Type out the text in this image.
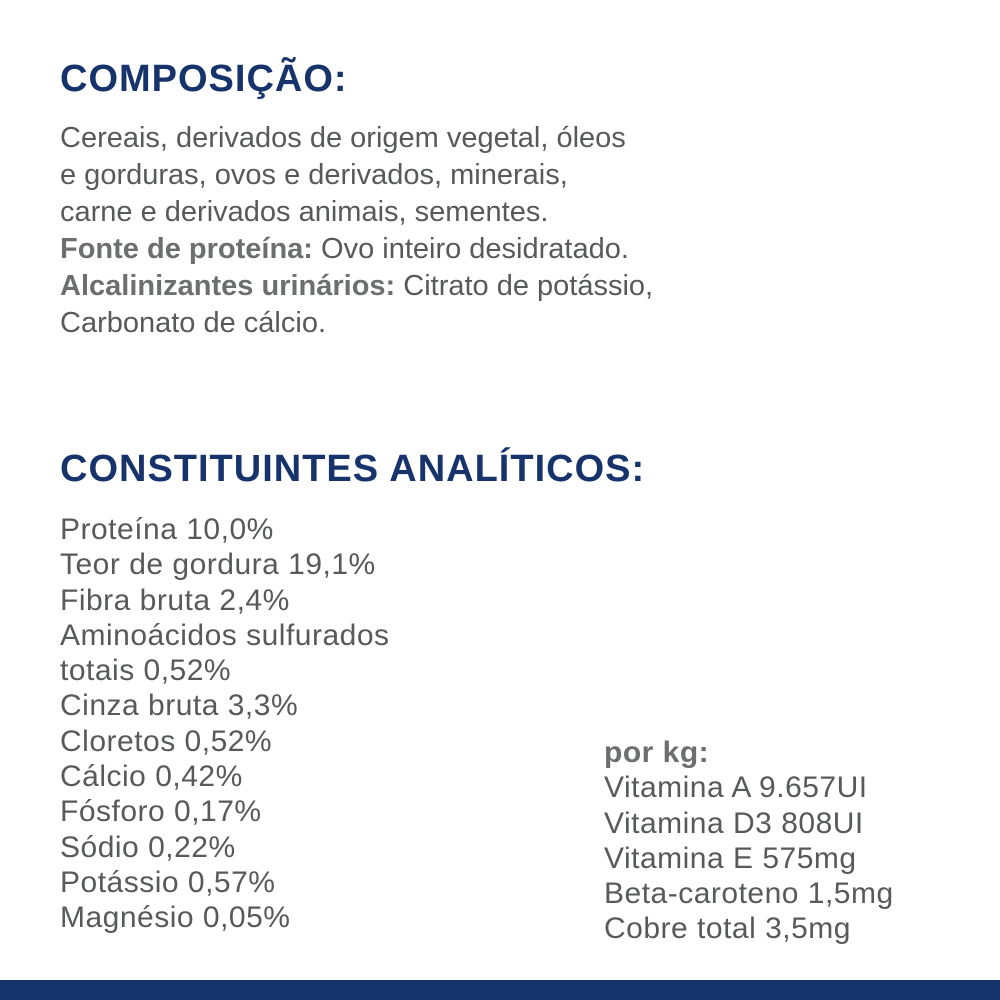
COMPOSIÇÃO:
Cereais, derivados de origem vegetal, óleos
e gorduras, ovos e derivados, minerais,
carne e derivados animais, sementes.
Fonte de proteína: Ovo inteiro desidratado.
Alcalinizantes urinários: Citrato de potássio,
Carbonato de cálcio.
CONSTITUINTES ANALÍTICOS:
Proteína 10,0%
Teor de gordura 19,1%
Fibra bruta 2,4%
Aminoácidos sulfurados
totais 0,52%
Cinza bruta 3,3%
Cloretos 0,52%
Cálcio 0,42%
Fósforo 0,17%
Sódio 0,22%
Potássio 0,57%
Magnésio 0,05%
por kg:
Vitamina A 9.657UI
Vitamina D3 808UI
Vitamina E 575mg
Beta-caroteno 1,5mg
Cobre total 3,5mg
